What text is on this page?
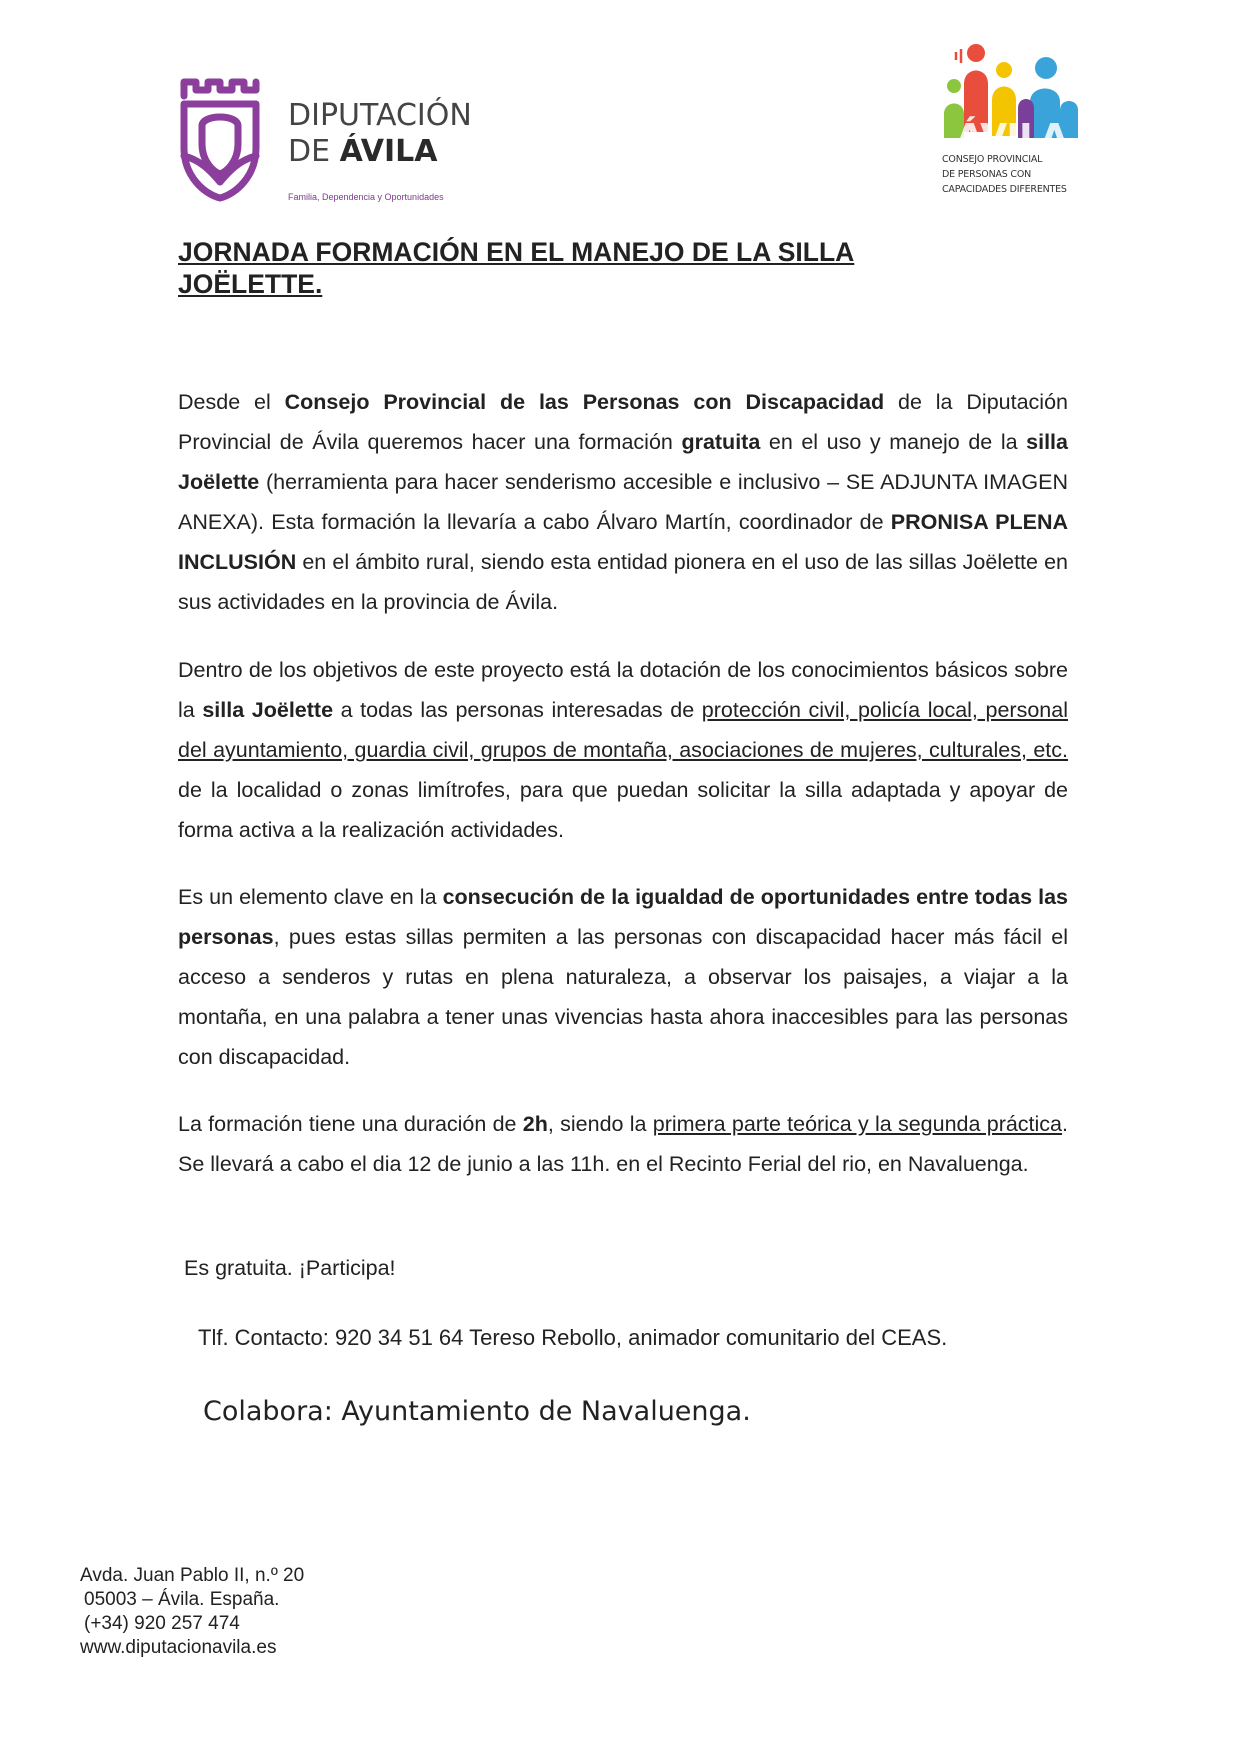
DIPUTACIÓN
DE ÁVILA
Familia, Dependencia y Oportunidades
ÁVILA
CONSEJO PROVINCIAL
DE PERSONAS CON
CAPACIDADES DIFERENTES
JORNADA FORMACIÓN EN EL MANEJO DE LA SILLA JOËLETTE.

Desde el Consejo Provincial de las Personas con Discapacidad de la Diputación Provincial de Ávila queremos hacer una formación gratuita en el uso y manejo de la silla Joëlette (herramienta para hacer senderismo accesible e inclusivo – SE ADJUNTA IMAGEN ANEXA). Esta formación la llevaría a cabo Álvaro Martín, coordinador de PRONISA PLENA INCLUSIÓN en el ámbito rural, siendo esta entidad pionera en el uso de las sillas Joëlette en sus actividades en la provincia de Ávila.

Dentro de los objetivos de este proyecto está la dotación de los conocimientos básicos sobre la silla Joëlette a todas las personas interesadas de protección civil, policía local, personal del ayuntamiento, guardia civil, grupos de montaña, asociaciones de mujeres, culturales, etc. de la localidad o zonas limítrofes, para que puedan solicitar la silla adaptada y apoyar de forma activa a la realización actividades.

Es un elemento clave en la consecución de la igualdad de oportunidades entre todas las personas, pues estas sillas permiten a las personas con discapacidad hacer más fácil el acceso a senderos y rutas en plena naturaleza, a observar los paisajes, a viajar a la montaña, en una palabra a tener unas vivencias hasta ahora inaccesibles para las personas con discapacidad.

La formación tiene una duración de 2h, siendo la primera parte teórica y la segunda práctica. Se llevará a cabo el dia 12 de junio a las 11h. en el Recinto Ferial del rio, en Navaluenga.

Es gratuita. ¡Participa!
Tlf. Contacto: 920 34 51 64 Tereso Rebollo, animador comunitario del CEAS.
Colabora: Ayuntamiento de Navaluenga.
Avda. Juan Pablo II, n.º 20
05003 – Ávila. España.
(+34) 920 257 474
www.diputacionavila.es
